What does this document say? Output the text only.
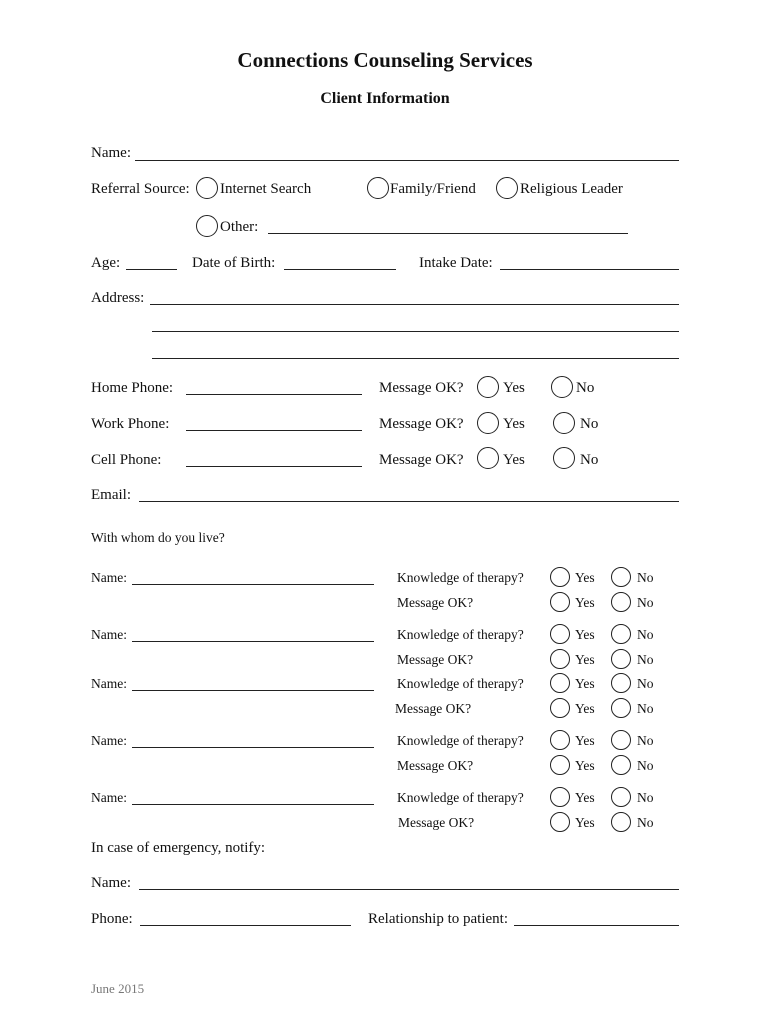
Connections Counseling Services
Client Information
Name:
Referral Source: Internet Search	Family/Friend	Religious Leader
Other:
Age:	Date of Birth:	Intake Date:
Address:
Home Phone:	Message OK?	Yes	No
Work Phone:	Message OK?	Yes	No
Cell Phone:	Message OK?	Yes	No
Email:
With whom do you live?
Name:	Knowledge of therapy?	Yes	No
Message OK?	Yes	No
Name:	Knowledge of therapy?	Yes	No
Message OK?	Yes	No
Name:	Knowledge of therapy?	Yes	No
Message OK?	Yes	No
Name:	Knowledge of therapy?	Yes	No
Message OK?	Yes	No
Name:	Knowledge of therapy?	Yes	No
Message OK?	Yes	No
In case of emergency, notify:
Name:
Phone:	Relationship to patient:
June 2015
